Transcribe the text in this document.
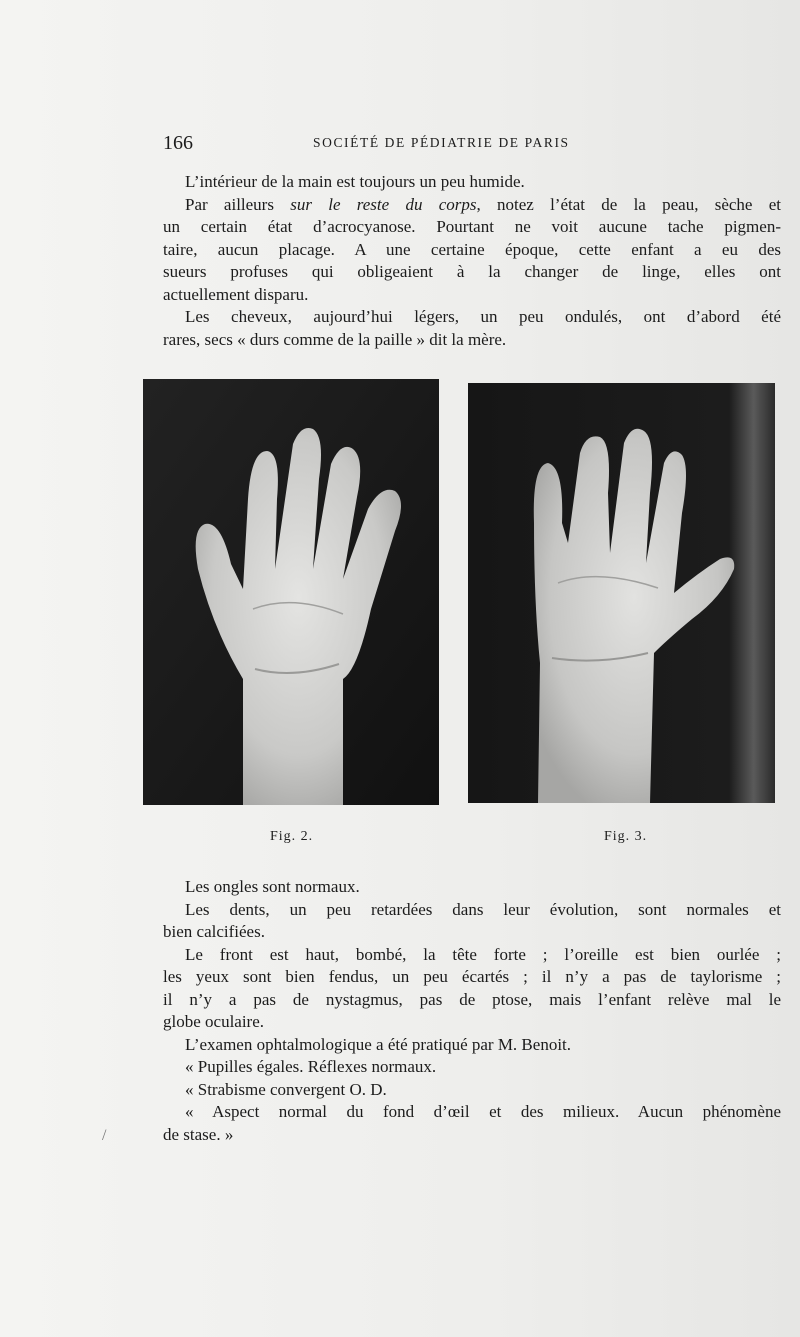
166	SOCIÉTÉ DE PÉDIATRIE DE PARIS

L’intérieur de la main est toujours un peu humide.

Par ailleurs sur le reste du corps, notez l’état de la peau, sèche et
un certain état d’acrocyanose. Pourtant ne voit aucune tache pigmen-
taire, aucun placage. A une certaine époque, cette enfant a eu des
sueurs profuses qui obligeaient à la changer de linge, elles ont
actuellement disparu.

Les cheveux, aujourd’hui légers, un peu ondulés, ont d’abord été
rares, secs « durs comme de la paille » dit la mère.

Fig. 2.	Fig. 3.

Les ongles sont normaux.

Les dents, un peu retardées dans leur évolution, sont normales et
bien calcifiées.

Le front est haut, bombé, la tête forte ; l’oreille est bien ourlée ;
les yeux sont bien fendus, un peu écartés ; il n’y a pas de taylorisme ;
il n’y a pas de nystagmus, pas de ptose, mais l’enfant relève mal le
globe oculaire.

L’examen ophtalmologique a été pratiqué par M. Benoit.

« Pupilles égales. Réflexes normaux.

« Strabisme convergent O. D.

« Aspect normal du fond d’œil et des milieux. Aucun phénomène
de stase. »

/
